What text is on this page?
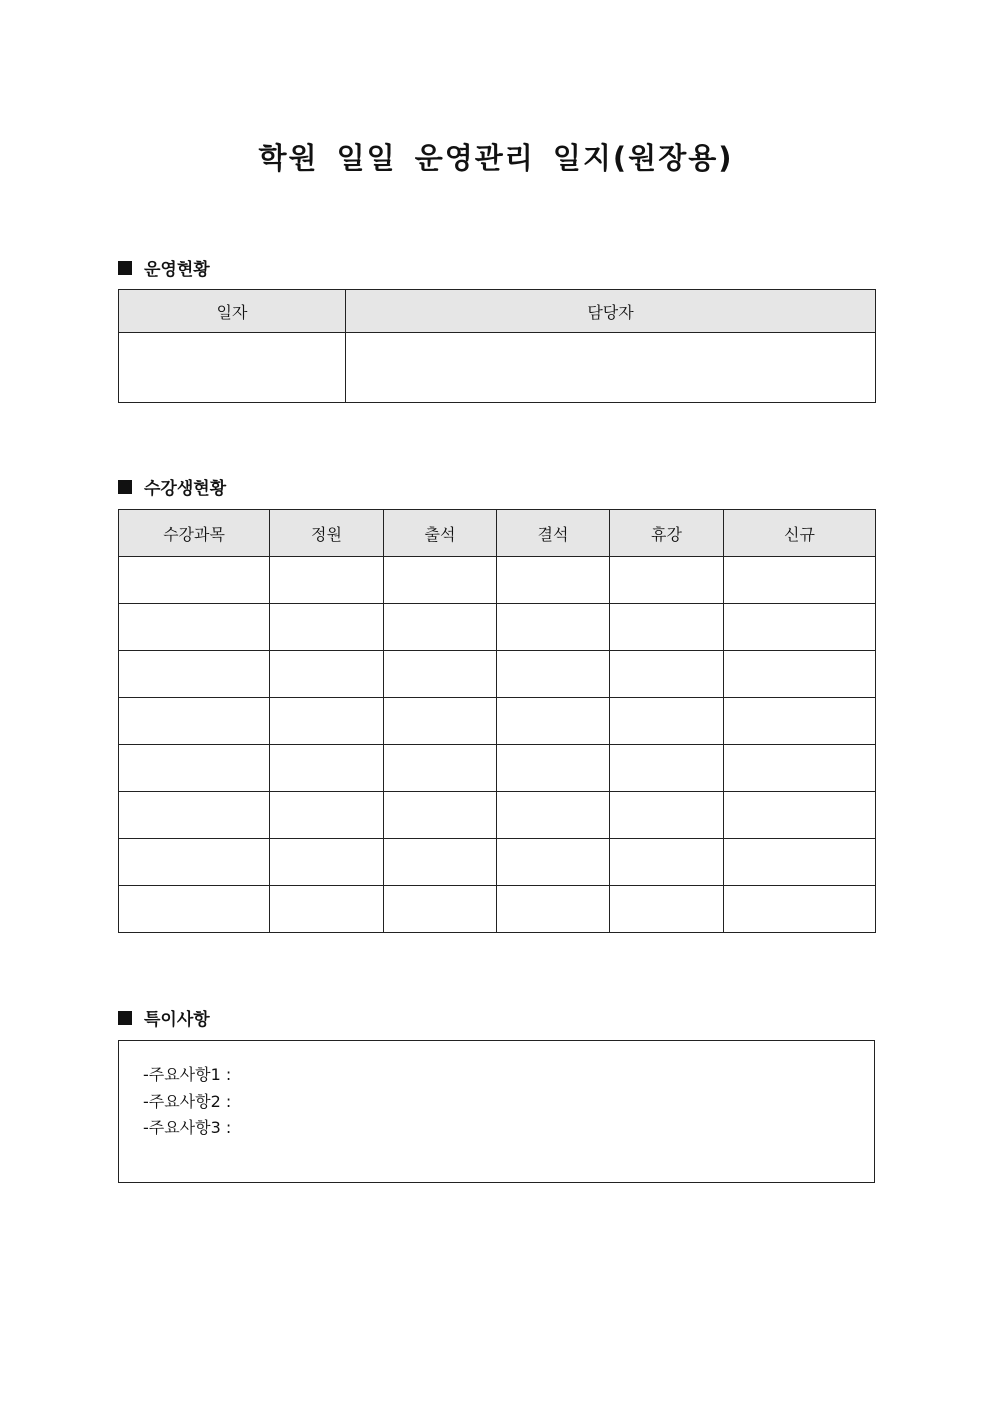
학원 일일 운영관리 일지(원장용)
운영현황
일자	담당자

수강생현황
수강과목	정원	출석	결석	휴강	신규

특이사항
-주요사항1 :
-주요사항2 :
-주요사항3 :
